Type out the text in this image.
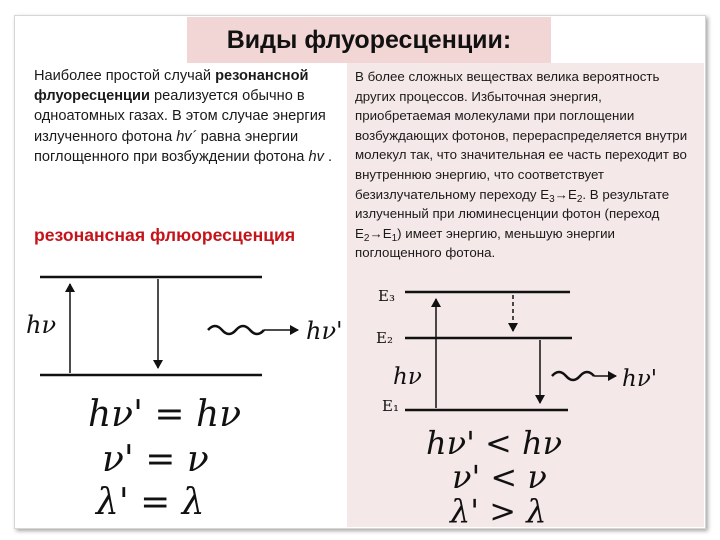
Виды флуоресценции:
Наиболее простой случай резонансной флуоресценции реализуется обычно в одноатомных газах. В этом случае энергия излученного фотона hv´ равна энергии поглощенного при возбуждении фотона hv .
резонансная флюоресценция
В более сложных веществах велика вероятность других процессов. Избыточная энергия, приобретаемая молекулами при поглощении возбуждающих фотонов, перераспределяется внутри молекул так, что значительная ее часть переходит во внутреннюю энергию, что соответствует безизлучательному переходу $E_3\to E_2$. В результате излученный при люминесценции фотон (переход $E_2\to E_1$) имеет энергию, меньшую энергии поглощенного фотона.
hν	hν'
hν' = hν
ν' = ν
λ' = λ
E₃
E₂
E₁
hν	hν'
hν' < hν
ν' < ν
λ' > λ
